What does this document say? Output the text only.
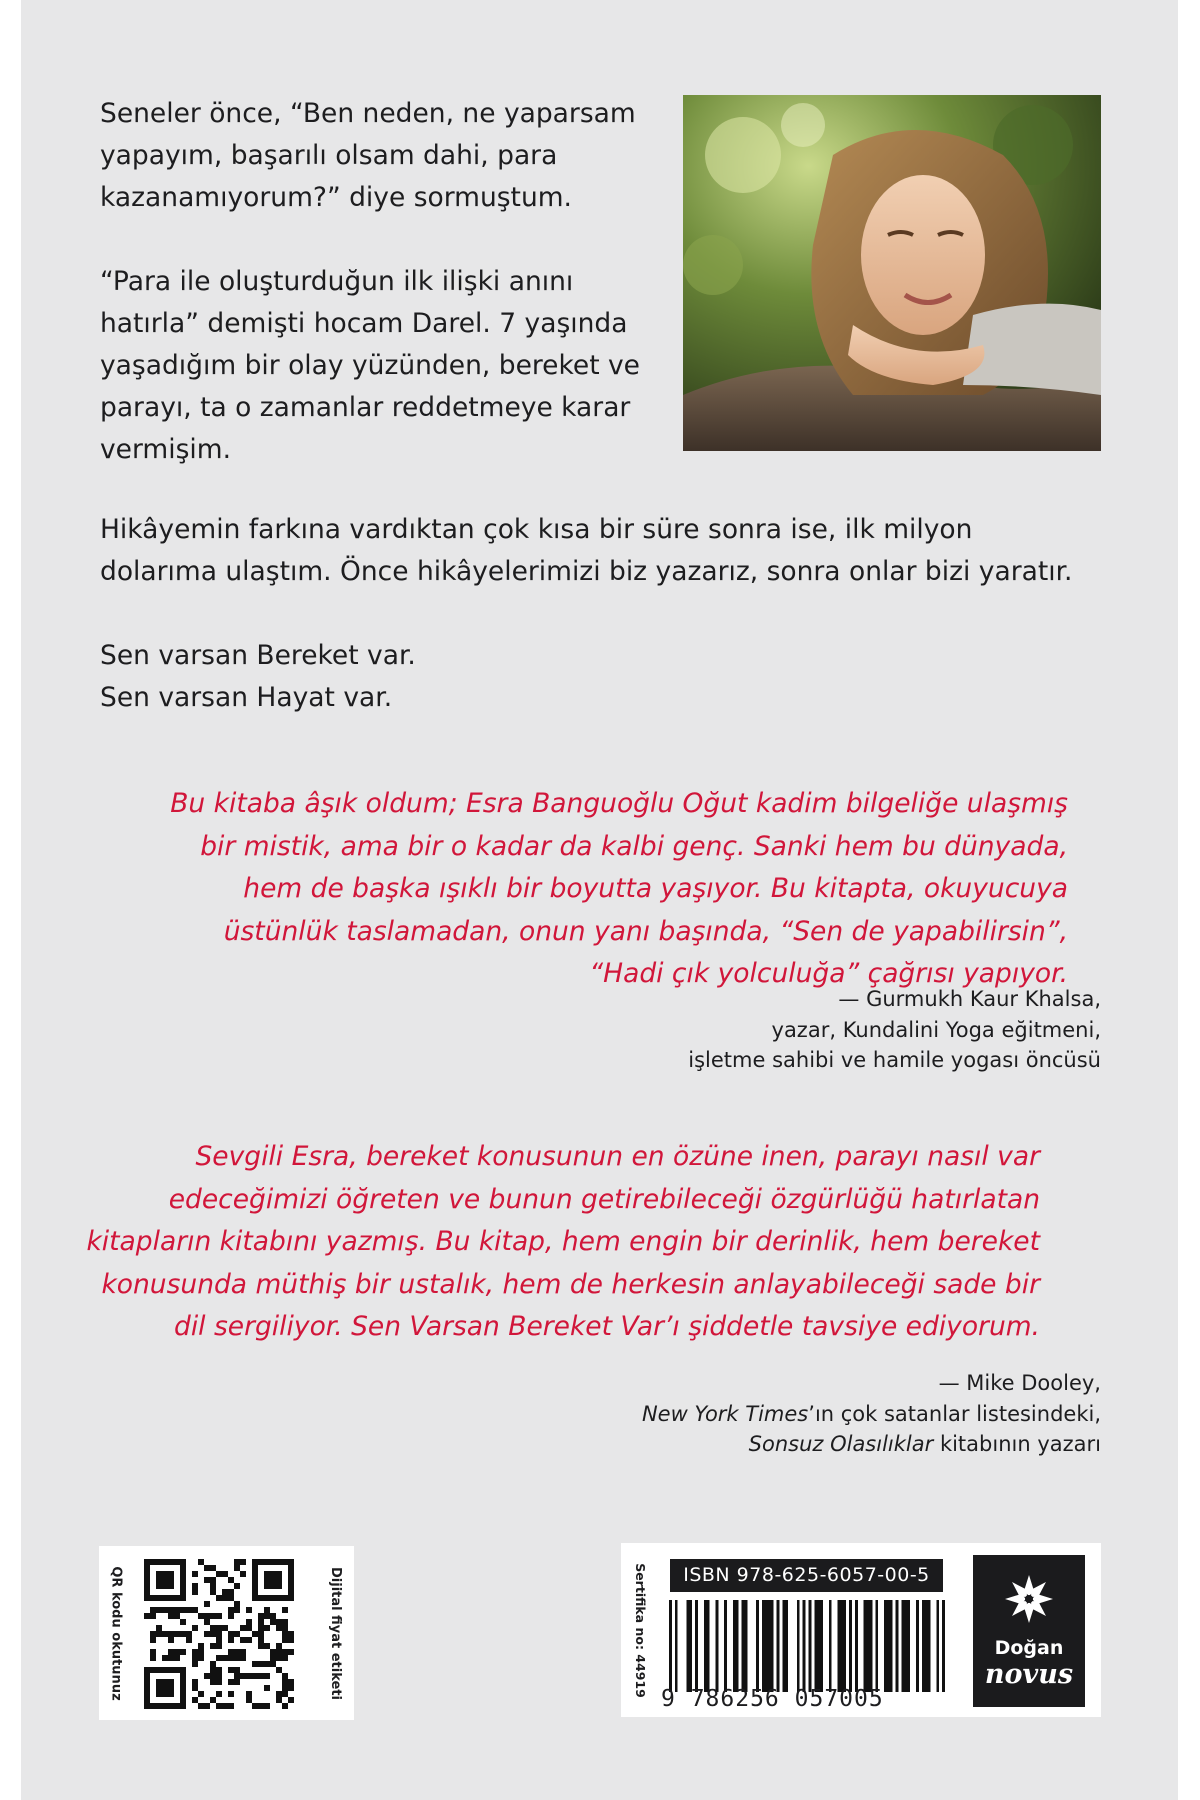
Seneler önce, “Ben neden, ne yaparsam yapayım, başarılı olsam dahi, para kazanamıyorum?” diye sormuştum.

“Para ile oluşturduğun ilk ilişki anını hatırla” demişti hocam Darel. 7 yaşında yaşadığım bir olay yüzünden, bereket ve parayı, ta o zamanlar reddetmeye karar vermişim.

Hikâyemin farkına vardıktan çok kısa bir süre sonra ise, ilk milyon
dolarıma ulaştım. Önce hikâyelerimizi biz yazarız, sonra onlar bizi yaratır.

Sen varsan Bereket var.
Sen varsan Hayat var.

Bu kitaba âşık oldum; Esra Banguoğlu Oğut kadim bilgeliğe ulaşmış
bir mistik, ama bir o kadar da kalbi genç. Sanki hem bu dünyada,
hem de başka ışıklı bir boyutta yaşıyor. Bu kitapta, okuyucuya
üstünlük taslamadan, onun yanı başında, “Sen de yapabilirsin”,
“Hadi çık yolculuğa” çağrısı yapıyor.
— Gurmukh Kaur Khalsa,
yazar, Kundalini Yoga eğitmeni,
işletme sahibi ve hamile yogası öncüsü
Sevgili Esra, bereket konusunun en özüne inen, parayı nasıl var
edeceğimizi öğreten ve bunun getirebileceği özgürlüğü hatırlatan
kitapların kitabını yazmış. Bu kitap, hem engin bir derinlik, hem bereket
konusunda müthiş bir ustalık, hem de herkesin anlayabileceği sade bir
dil sergiliyor. Sen Varsan Bereket Var’ı şiddetle tavsiye ediyorum.
— Mike Dooley,
New York Times’ın çok satanlar listesindeki,
Sonsuz Olasılıklar kitabının yazarı
QR kodu okutunuz	Dijital fiyat etiketi	Sertifika no: 44919	ISBN 978-625-6057-00-5
9 786256 057005
Doğan
novus
